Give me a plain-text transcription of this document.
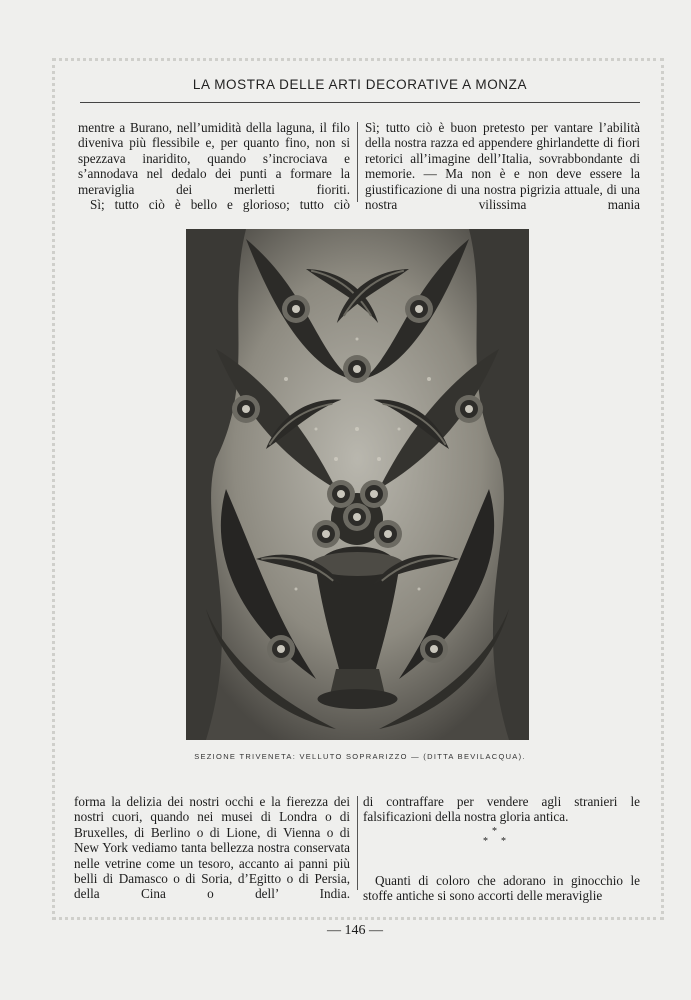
LA MOSTRA DELLE ARTI DECORATIVE A MONZA

mentre a Burano, nell’umidità della laguna, il filo diveniva più flessibile e, per quanto fino, non si spezzava inaridito, quando s’incrociava e s’annodava nel dedalo dei punti a formare la meraviglia dei merletti fioriti.

Sì; tutto ciò è bello e glorioso; tutto ciò

Sì; tutto ciò è buon pretesto per vantare l’abilità della nostra razza ed appendere ghirlandette di fiori retorici all’imagine dell’Italia, sovrabbondante di memorie. — Ma non è e non deve essere la giustificazione di una nostra pigrizia attuale, di una nostra vilissima mania

SEZIONE TRIVENETA: VELLUTO SOPRARIZZO — (DITTA BEVILACQUA).

forma la delizia dei nostri occhi e la fierezza dei nostri cuori, quando nei musei di Londra o di Bruxelles, di Berlino o di Lione, di Vienna o di New York vediamo tanta bellezza nostra conservata nelle vetrine come un tesoro, accanto ai panni più belli di Damasco o di Soria, d’Egitto o di Persia, della Cina o dell’ India.

di contraffare per vendere agli stranieri le falsificazioni della nostra gloria antica.

Quanti di coloro che adorano in ginocchio le stoffe antiche si sono accorti delle meraviglie

*
* *
— 146 —
